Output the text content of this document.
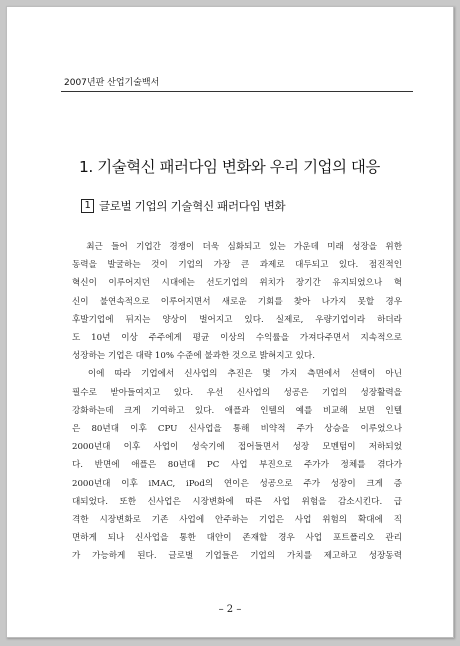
2007년판 산업기술백서
1. 기술혁신 패러다임 변화와 우리 기업의 대응
1 글로벌 기업의 기술혁신 패러다임 변화
　최근 들어 기업간 경쟁이 더욱 심화되고 있는 가운데 미래 성장을 위한
동력을 발굴하는 것이 기업의 가장 큰 과제로 대두되고 있다. 점진적인
혁신이 이루어지던 시대에는 선도기업의 위치가 장기간 유지되었으나 혁
신이 불연속적으로 이루어지면서 새로운 기회를 찾아 나가지 못할 경우
후발기업에 뒤지는 양상이 벌어지고 있다. 실제로, 우량기업이라 하더라
도 10년 이상 주주에게 평균 이상의 수익률을 가져다주면서 지속적으로
성장하는 기업은 대략 10% 수준에 불과한 것으로 밝혀지고 있다.
　이에 따라 기업에서 신사업의 추진은 몇 가지 측면에서 선택이 아닌
필수로 받아들여지고 있다. 우선 신사업의 성공은 기업의 성장활력을
강화하는데 크게 기여하고 있다. 애플과 인텔의 예를 비교해 보면 인텔
은 80년대 이후 CPU 신사업을 통해 비약적 주가 상승을 이루었으나
2000년대 이후 사업이 성숙기에 접어들면서 성장 모멘텀이 저하되었
다. 반면에 애플은 80년대 PC 사업 부진으로 주가가 정체를 겪다가
2000년대 이후 iMAC, iPod의 연이은 성공으로 주가 성장이 크게 증
대되었다. 또한 신사업은 시장변화에 따른 사업 위험을 감소시킨다. 급
격한 시장변화로 기존 사업에 안주하는 기업은 사업 위험의 확대에 직
면하게 되나 신사업을 통한 대안이 존재할 경우 사업 포트폴리오 관리
가 가능하게 된다. 글로벌 기업들은 기업의 가치를 제고하고 성장동력
– 2 –
